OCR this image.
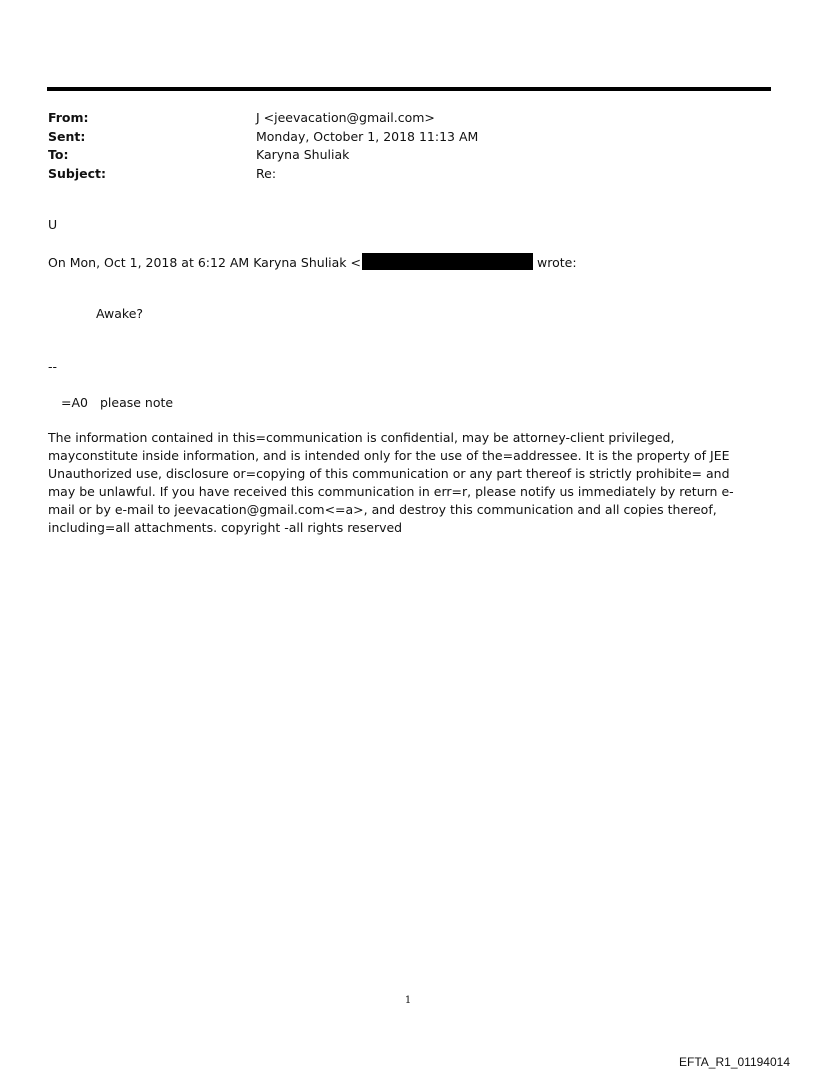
From:	J <jeevacation@gmail.com>
Sent:	Monday, October 1, 2018 11:13 AM
To:	Karyna Shuliak
Subject:	Re:
U
On Mon, Oct 1, 2018 at 6:12 AM Karyna Shuliak <	wrote:
Awake?
--
=A0 please note
The information contained in this=communication is confidential, may be attorney-client privileged, mayconstitute inside information, and is intended only for the use of the=addressee. It is the property of JEE Unauthorized use, disclosure or=copying of this communication or any part thereof is strictly prohibite= and may be unlawful. If you have received this communication in err=r, please notify us immediately by return e-mail or by e-mail to jeevacation@gmail.com<=a>, and destroy this communication and all copies thereof, including=all attachments. copyright -all rights reserved
1
EFTA_R1_01194014
